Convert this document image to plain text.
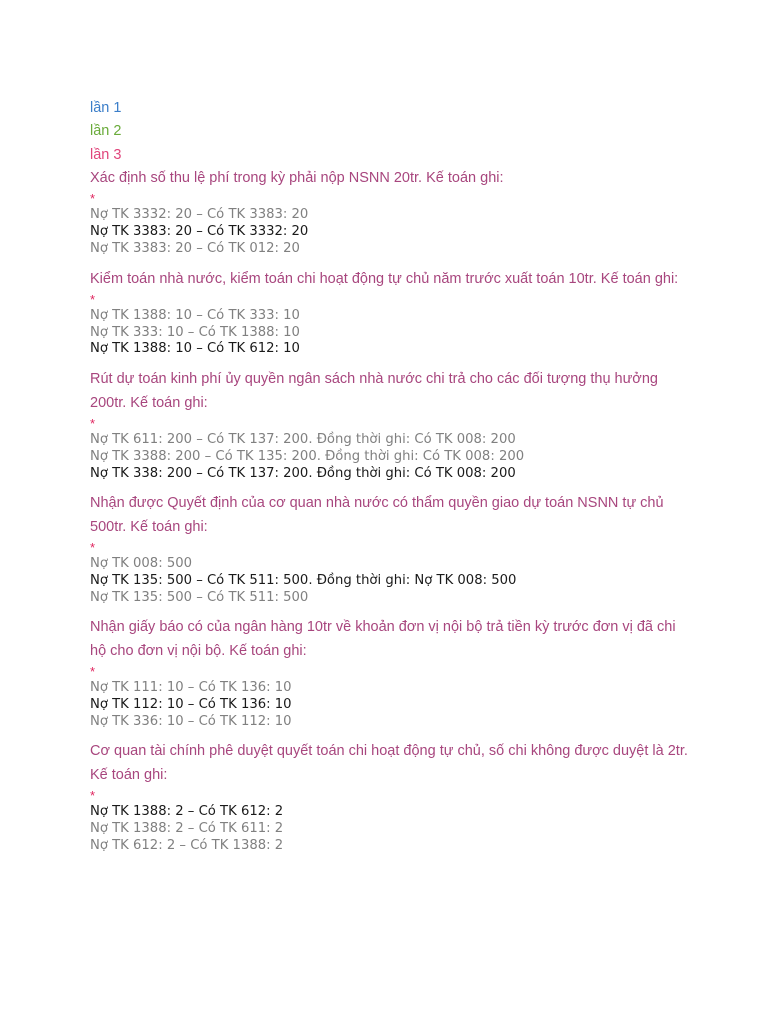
lần 1

lần 2

lần 3

Xác định số thu lệ phí trong kỳ phải nộp NSNN 20tr. Kế toán ghi:

*

Nợ TK 3332: 20 – Có TK 3383: 20

Nợ TK 3383: 20 – Có TK 3332: 20

Nợ TK 3383: 20 – Có TK 012: 20

Kiểm toán nhà nước, kiểm toán chi hoạt động tự chủ năm trước xuất toán 10tr. Kế toán ghi:

*

Nợ TK 1388: 10 – Có TK 333: 10

Nợ TK 333: 10 – Có TK 1388: 10

Nợ TK 1388: 10 – Có TK 612: 10

Rút dự toán kinh phí ủy quyền ngân sách nhà nước chi trả cho các đối tượng thụ hưởng 200tr. Kế toán ghi:

*

Nợ TK 611: 200 – Có TK 137: 200. Đồng thời ghi: Có TK 008: 200

Nợ TK 3388: 200 – Có TK 135: 200. Đồng thời ghi: Có TK 008: 200

Nợ TK 338: 200 – Có TK 137: 200. Đồng thời ghi: Có TK 008: 200

Nhận được Quyết định của cơ quan nhà nước có thẩm quyền giao dự toán NSNN tự chủ 500tr. Kế toán ghi:

*

Nợ TK 008: 500

Nợ TK 135: 500 – Có TK 511: 500. Đồng thời ghi: Nợ TK 008: 500

Nợ TK 135: 500 – Có TK 511: 500

Nhận giấy báo có của ngân hàng 10tr về khoản đơn vị nội bộ trả tiền kỳ trước đơn vị đã chi hộ cho đơn vị nội bộ. Kế toán ghi:

*

Nợ TK 111: 10 – Có TK 136: 10

Nợ TK 112: 10 – Có TK 136: 10

Nợ TK 336: 10 – Có TK 112: 10

Cơ quan tài chính phê duyệt quyết toán chi hoạt động tự chủ, số chi không được duyệt là 2tr. Kế toán ghi:

*

Nợ TK 1388: 2 – Có TK 612: 2

Nợ TK 1388: 2 – Có TK 611: 2

Nợ TK 612: 2 – Có TK 1388: 2
